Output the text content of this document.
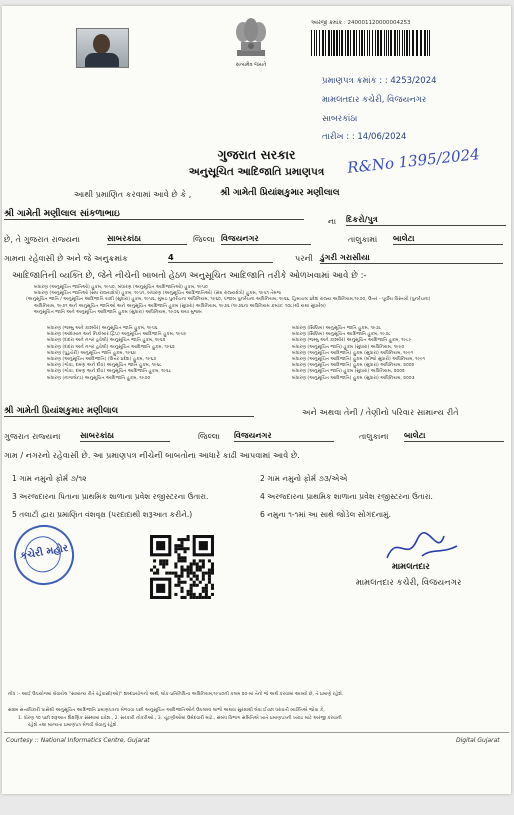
સત્યમેવ જયતે
આરજી ક્રમાંક : 240001120000004253
પ્રમાણપત્ર ક્રમાંક : : 4253/2024
મામલતદાર કચેરી, વિજયનગર
સાબરકાંઠા
તારીખ : : 14/06/2024
ગુજરાત સરકાર
અનુસૂચિત આદિજાતિ પ્રમાણપત્ર	R&No 1395/2024
આથી પ્રમાણિત કરવામાં આવે છે કે ,	શ્રી ગામેતી પ્રિયાંશકુમાર મણીલાલ
શ્રી ગામેતી મણીલાલ સાંકળાભાઇ
ના દિકરો/પુત્ર
છે, તે ગુજરાત રાજ્યના	સાબરકાંઠા	જિલ્લા વિજયનગર	તાલુકામાં બાલેટા
ગામના રહેવાસી છે અને જે અનુક્રમાંક	4	પરની ડુંગરી ગરાસીયા
આદિજાતિની વ્યક્તિ છે, જેને નીચેની બાબતો હેઠળ અનુસૂચિત આદિજાતિ તરીકે ઓળખવામાં આવે છે :-
બંધારણ (અનુસૂચિત જાતિઓ) હુકમ, ૧૯૫૦, બંધારણ (અનુસૂચિત આદિજાતિઓ) હુકમ, ૧૯૫૦
બંધારણ (અનુસૂચિત જાતિઓ (સંઘ રાજ્યક્ષેત્રો) હુકમ, ૧૯૫૧, બંધારણ (અનુસૂચિત આદિજાતિઓ) (સંઘ રાજ્યક્ષેત્રો) હુકમ, ૧૯૫૧ તેમજ
(અનુસૂચિત જાતિ / અનુસૂચિત આદિજાતિ યાદી (સુધારા) હુકમ, ૧૯૫૬, મુંબઇ પુનર્રચના અધિનિયમ, ૧૯૬૦, પંજાબ પુનર્રચના અધિનિયમ, ૧૯૬૬, હિમાચલ પ્રદેશ રાજ્ય અધિનિયમ,૧૯૭૦, ઉત્તર - પૂર્વીય વિસ્તારો (પુનર્રચના)
અધિનિયમ, ૧૯૭૧ અને અનુસૂચિત જાતિઓ અને અનુસૂચિત આદિજાતિ હુકમ (સુધારા) અધિનિયમ, ૧૯૭૬ (૧૯૭૬ના અધિનિયમ ક્રમાંક: ૧૦૮)થી યથા સુધારેલ)
અનુસૂચિત જાતિ અને અનુસૂચિત આદિજાતિ હુકમ (સુધારા) અધિનિયમ, ૧૯૭૬ થયા મુજબ
બંધારણ (જમ્મુ અને કાશ્મીર) અનુસૂચિત જાતિ હુકમ, ૧૯૫૬
બંધારણ (આંદામાન અને નિકોબાર દ્વિપ) અનુસૂચિત આદિજાતિ હુકમ, ૧૯૫૯
બંધારણ (દાદરા અને નગર હવેલી) અનુસૂચિત જાતિ હુકમ, ૧૯૬૨
બંધારણ (દાદરા અને નગર હવેલી) અનુસૂચિત આદિજાતિ હુકમ, ૧૯૬૨
બંધારણ (પુડુચેરી) અનુસૂચિત જાતિ હુકમ, ૧૯૬૪
બંધારણ (અનુસૂચિત આદિજાતિ) (ઉત્તર પ્રદેશ) હુકમ, ૧૯૬૭
બંધારણ (ગોવા, દમણ અને દીવ) અનુસૂચિત જાતિ હુકમ, ૧૯૬૮
બંધારણ (ગોવા, દમણ અને દીવ) અનુસૂચિત આદિજાતિ હુકમ, ૧૯૬૮
બંધારણ (નાગાલેન્ડ) અનુસૂચિત આદિજાતિ હુકમ, ૧૯૭૦
બંધારણ (સિક્કિમ) અનુસૂચિત જાતિ હુકમ, ૧૯૭૮
બંધારણ (સિક્કિમ) અનુસૂચિત આદિજાતિ હુકમ, ૧૯૭૮
બંધારણ (જમ્મુ અને કાશ્મીર) અનુસૂચિત આદિજાતિ હુકમ, ૧૯૮૯
બંધારણ (અનુસૂચિત જાતિ) હુકમ (સુધારા) અધિનિયમ, ૧૯૯૦
બંધારણ (અનુસૂચિત આદિજાતિ) હુકમ (સુધારા) અધિનિયમ, ૧૯૯૧
બંધારણ (અનુસૂચિત આદિજાતિ) હુકમ (બીજો સુધારો) અધિનિયમ, ૧૯૯૧
બંધારણ (અનુસૂચિત આદિજાતિ) હુકમ (સુધારા) અધિનિયમ, ૨૦૦૨
બંધારણ (અનુસૂચિત જાતિ) હુકમ (સુધારા) અધિનિયમ, ૨૦૦૨
બંધારણ (અનુસૂચિત આદિજાતિ) હુકમ (સુધારા) અધિનિયમ, ૨૦૦૩
શ્રી ગામેતી પ્રિયાંશકુમાર મણીલાલ	અને અથવા તેની / તેણીનો પરિવાર સામાન્ય રીતે
ગુજરાત રાજ્યના સાબરકાંઠા	જિલ્લા વિજયનગર	તાલુકાના બાલેટા
ગામ / નગરનો રહેવાસી છે. આ પ્રમાણપત્ર નીચેની બાબતોના આધારે કાઢી આપવામાં આવે છે.
1 ગામ નમુનો ફોર્મ ૭/૧૨	2 ગામ નમુનો ફોર્મ ૭૩/એએ
3 અરજદારના પિતાના પ્રાથમિક શાળાના પ્રવેશ રજીસ્ટરના ઉતારા.	4 અરજદારના પ્રાથમિક શાળાના પ્રવેશ રજીસ્ટરના ઉતારા.
5 તલાટી દ્વારા પ્રમાણિત વંશવૃક્ષ (પરદાદાથી શરૂઆત કરીને.)	6 નમુના ૧-૧માં આ સાથે જોડેલ સોગંદનામું.
કચેરી મહોર
મામલતદાર
મામલતદાર કચેરી, વિજયનગર
નોંધ :- આઈ ઉપયોગમાં લેવાયેલ "સામાન્ય રીતે રહેવાસી(ઓ)" શબ્દપ્રયોગનો અર્થ, લોક-પ્રતિનિધિત્વ અધિનિયમ,૧૯૫૦ની કલમ ૨૦-માં તેનો જે અર્થ કરવામાં આવ્યો છે, તે પ્રમાણે રહેશે.
સક્ષમ સત્તાધિકારી પાસેથી અનુસૂચિત આદિજાતિ પ્રમાણપત્રના મેળવવા પછી અનુસૂચિત આદિજાતિઓને ઉપલબ્ધ લાભો અથવા સુરક્ષાથી લેવા ઈચ્છા ધરાવતી વ્યક્તિએ જોવા કે,
1. ધોરણ ૧૦ પછી શરૂઆત શૈક્ષણિક સંસ્થામાં પ્રવેશ., 2. સરકારી નોકરીઓ., 3. ચૂંટણીઓમાં ઉમેદવારી માટે., સંબંધ વિભાગ સમિતિએ ખાતે પ્રમાણપત્રની ખરાઇ માટે અરજી કરવાની
રહેશે તથા માન્યતા પ્રમાણપત્ર મેળવી લેવાનું રહેશે.
Courtesy :: National Informatics Centre, Gujarat	Digital Gujarat
